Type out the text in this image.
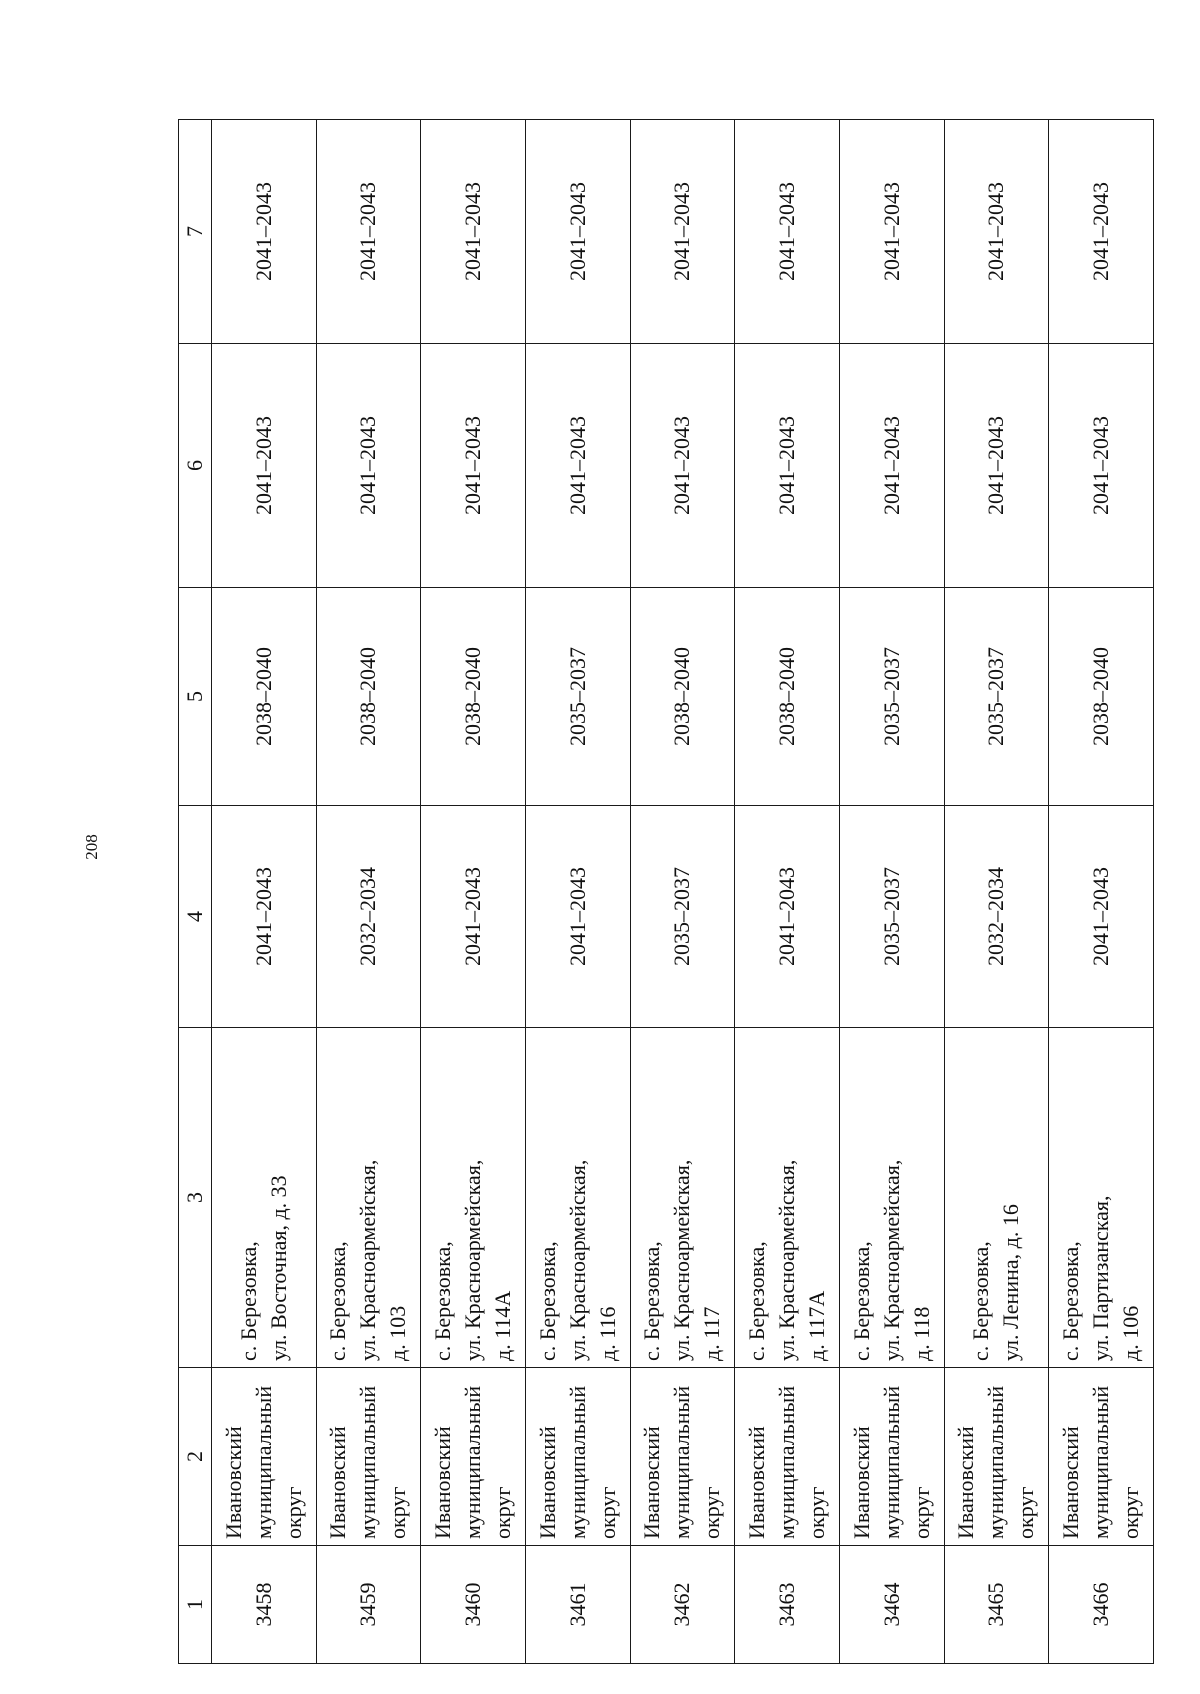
208
1	2	3	4	5	6	7
3458	Ивановский муниципальный округ	с. Березовка, ул. Восточная, д. 33	2041–2043	2038–2040	2041–2043	2041–2043
3459	Ивановский муниципальный округ	с. Березовка, ул. Красноармейская, д. 103	2032–2034	2038–2040	2041–2043	2041–2043
3460	Ивановский муниципальный округ	с. Березовка, ул. Красноармейская, д. 114А	2041–2043	2038–2040	2041–2043	2041–2043
3461	Ивановский муниципальный округ	с. Березовка, ул. Красноармейская, д. 116	2041–2043	2035–2037	2041–2043	2041–2043
3462	Ивановский муниципальный округ	с. Березовка, ул. Красноармейская, д. 117	2035–2037	2038–2040	2041–2043	2041–2043
3463	Ивановский муниципальный округ	с. Березовка, ул. Красноармейская, д. 117А	2041–2043	2038–2040	2041–2043	2041–2043
3464	Ивановский муниципальный округ	с. Березовка, ул. Красноармейская, д. 118	2035–2037	2035–2037	2041–2043	2041–2043
3465	Ивановский муниципальный округ	с. Березовка, ул. Ленина, д. 16	2032–2034	2035–2037	2041–2043	2041–2043
3466	Ивановский муниципальный округ	с. Березовка, ул. Партизанская, д. 106	2041–2043	2038–2040	2041–2043	2041–2043
